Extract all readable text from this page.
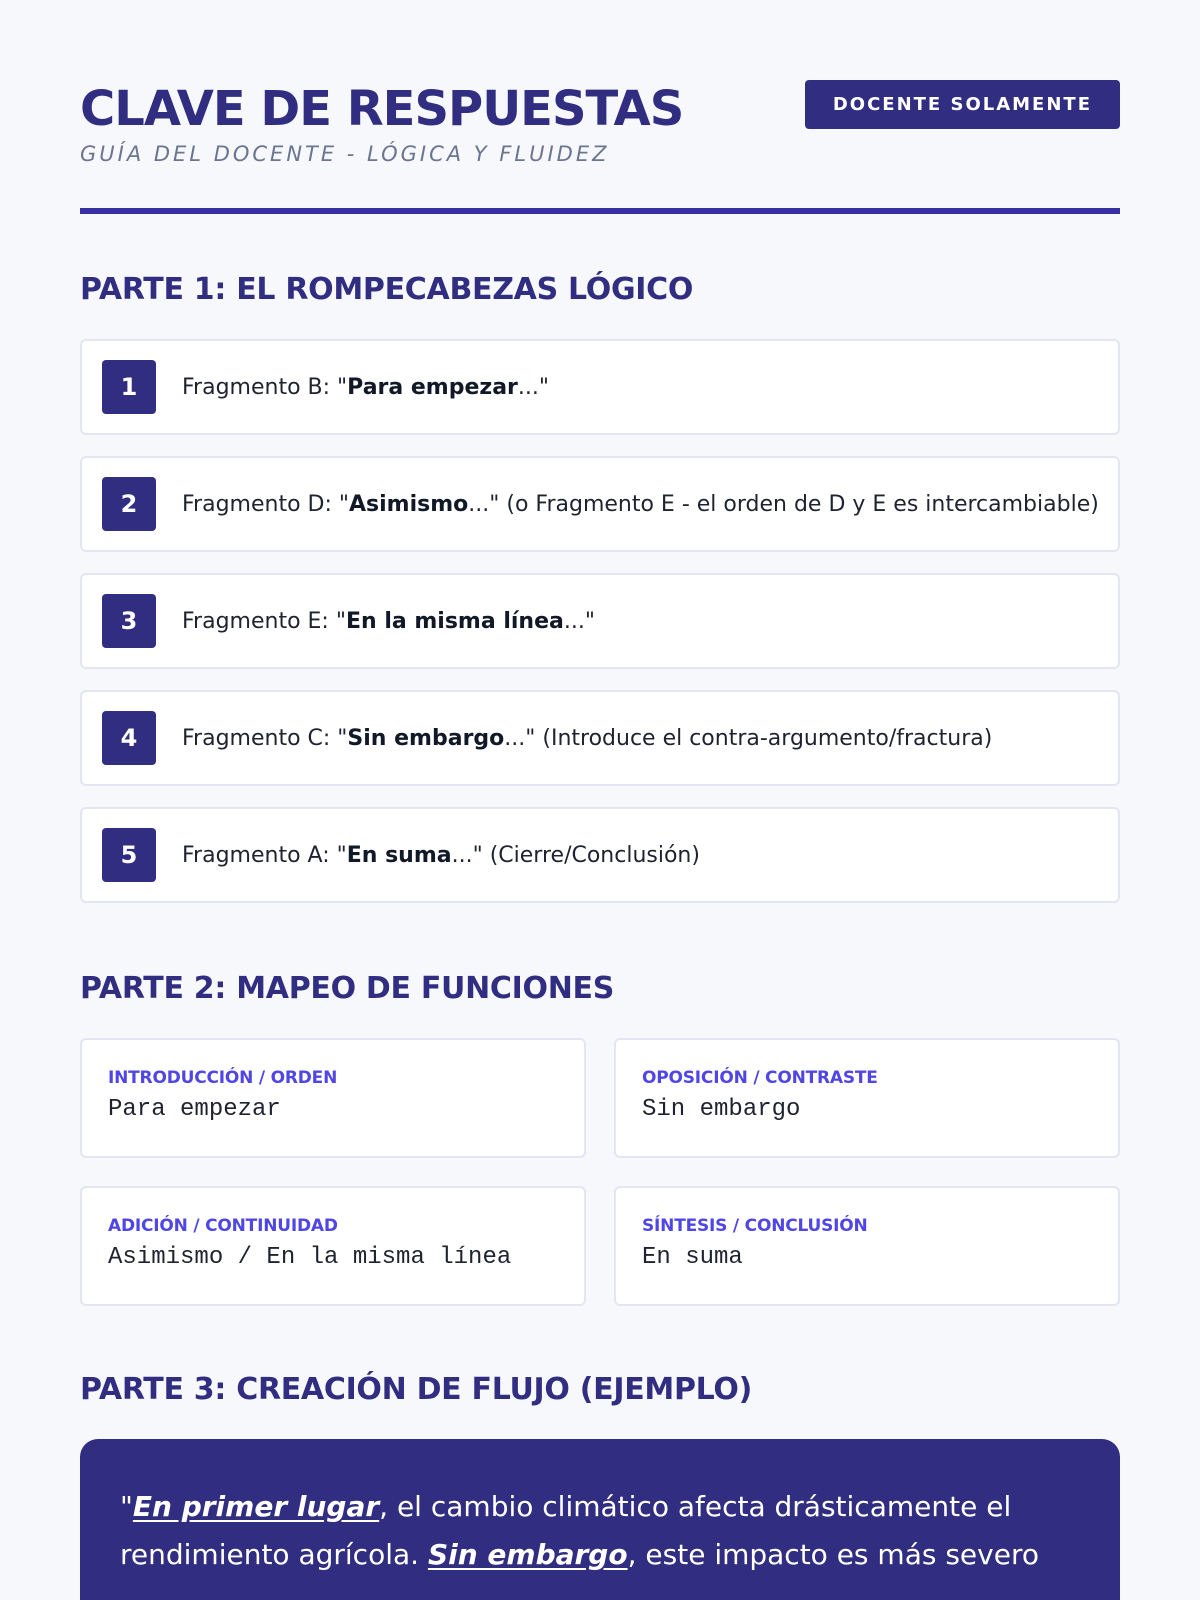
CLAVE DE RESPUESTAS
GUÍA DEL DOCENTE - LÓGICA Y FLUIDEZ
DOCENTE SOLAMENTE
PARTE 1: EL ROMPECABEZAS LÓGICO
1	Fragmento B: "Para empezar..."
2	Fragmento D: "Asimismo..." (o Fragmento E - el orden de D y E es intercambiable)
3	Fragmento E: "En la misma línea..."
4	Fragmento C: "Sin embargo..." (Introduce el contra-argumento/fractura)
5	Fragmento A: "En suma..." (Cierre/Conclusión)
PARTE 2: MAPEO DE FUNCIONES
INTRODUCCIÓN / ORDEN
Para empezar
OPOSICIÓN / CONTRASTE
Sin embargo
ADICIÓN / CONTINUIDAD
Asimismo / En la misma línea
SÍNTESIS / CONCLUSIÓN
En suma
PARTE 3: CREACIÓN DE FLUJO (EJEMPLO)
"En primer lugar, el cambio climático afecta drásticamente el rendimiento agrícola. Sin embargo, este impacto es más severo
